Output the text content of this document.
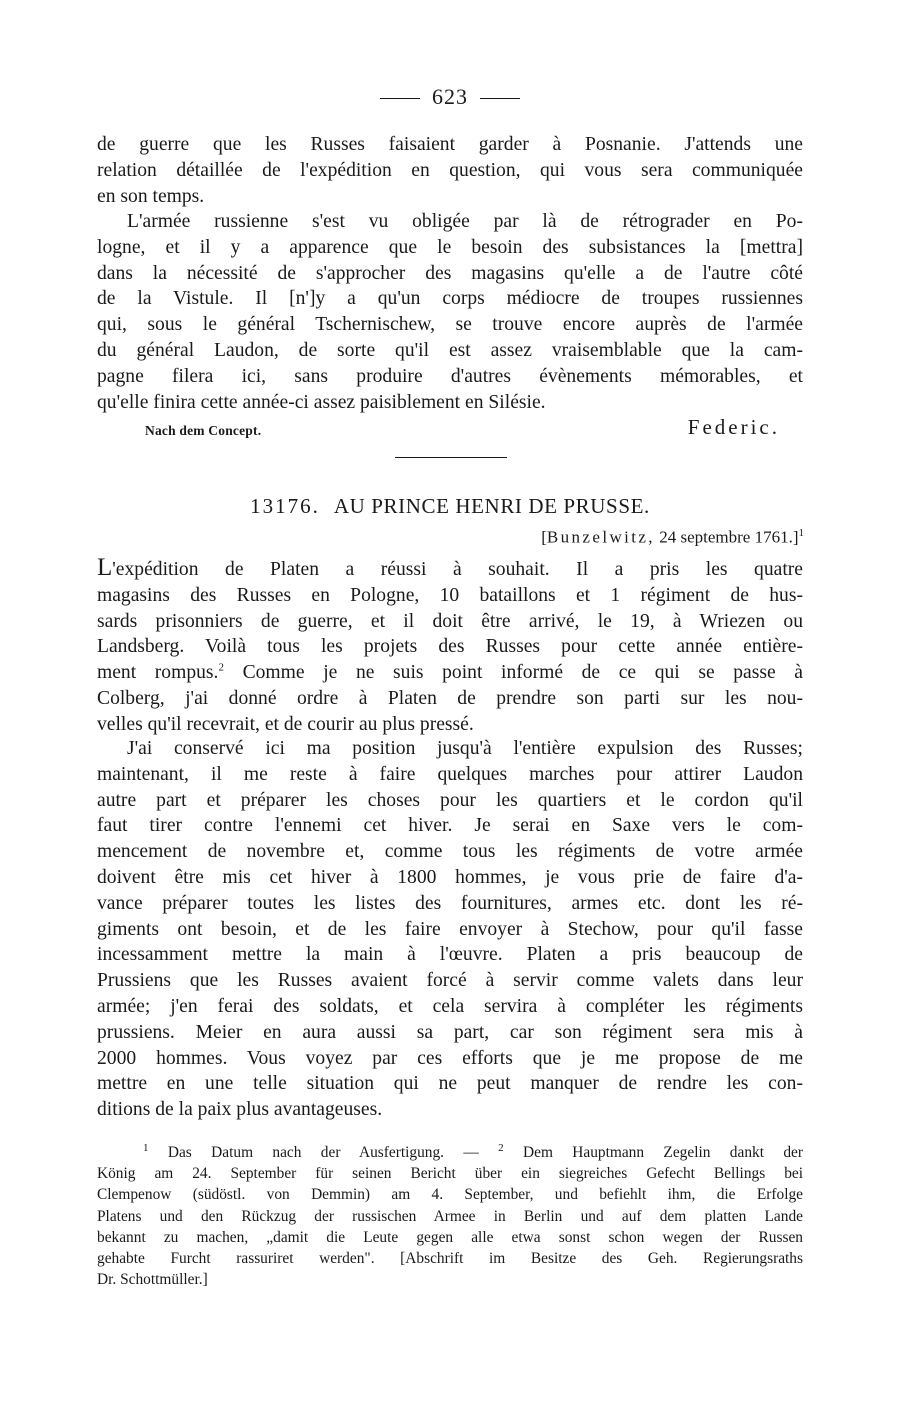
623

de guerre que les Russes faisaient garder à Posnanie. J'attends une

relation détaillée de l'expédition en question, qui vous sera communiquée

en son temps.

L'armée russienne s'est vu obligée par là de rétrograder en Po-

logne, et il y a apparence que le besoin des subsistances la [mettra]

dans la nécessité de s'approcher des magasins qu'elle a de l'autre côté

de la Vistule. Il [n']y a qu'un corps médiocre de troupes russiennes

qui, sous le général Tschernischew, se trouve encore auprès de l'armée

du général Laudon, de sorte qu'il est assez vraisemblable que la cam-

pagne filera ici, sans produire d'autres évènements mémorables, et

qu'elle finira cette année-ci assez paisiblement en Silésie.

Nach dem Concept.	Federic.
13176. AU PRINCE HENRI DE PRUSSE.
[Bunzelwitz, 24 septembre 1761.]$^1$

L'expédition de Platen a réussi à souhait. Il a pris les quatre

magasins des Russes en Pologne, 10 bataillons et 1 régiment de hus-

sards prisonniers de guerre, et il doit être arrivé, le 19, à Wriezen ou

Landsberg. Voilà tous les projets des Russes pour cette année entière-

ment rompus.$^2$ Comme je ne suis point informé de ce qui se passe à

Colberg, j'ai donné ordre à Platen de prendre son parti sur les nou-

velles qu'il recevrait, et de courir au plus pressé.

J'ai conservé ici ma position jusqu'à l'entière expulsion des Russes;

maintenant, il me reste à faire quelques marches pour attirer Laudon

autre part et préparer les choses pour les quartiers et le cordon qu'il

faut tirer contre l'ennemi cet hiver. Je serai en Saxe vers le com-

mencement de novembre et, comme tous les régiments de votre armée

doivent être mis cet hiver à 1800 hommes, je vous prie de faire d'a-

vance préparer toutes les listes des fournitures, armes etc. dont les ré-

giments ont besoin, et de les faire envoyer à Stechow, pour qu'il fasse

incessamment mettre la main à l'œuvre. Platen a pris beaucoup de

Prussiens que les Russes avaient forcé à servir comme valets dans leur

armée; j'en ferai des soldats, et cela servira à compléter les régiments

prussiens. Meier en aura aussi sa part, car son régiment sera mis à

2000 hommes. Vous voyez par ces efforts que je me propose de me

mettre en une telle situation qui ne peut manquer de rendre les con-

ditions de la paix plus avantageuses.

$^1$ Das Datum nach der Ausfertigung. — $^2$ Dem Hauptmann Zegelin dankt der

König am 24. September für seinen Bericht über ein siegreiches Gefecht Bellings bei

Clempenow (südöstl. von Demmin) am 4. September, und befiehlt ihm, die Erfolge

Platens und den Rückzug der russischen Armee in Berlin und auf dem platten Lande

bekannt zu machen, „damit die Leute gegen alle etwa sonst schon wegen der Russen

gehabte Furcht rassuriret werden". [Abschrift im Besitze des Geh. Regierungsraths

Dr. Schottmüller.]
